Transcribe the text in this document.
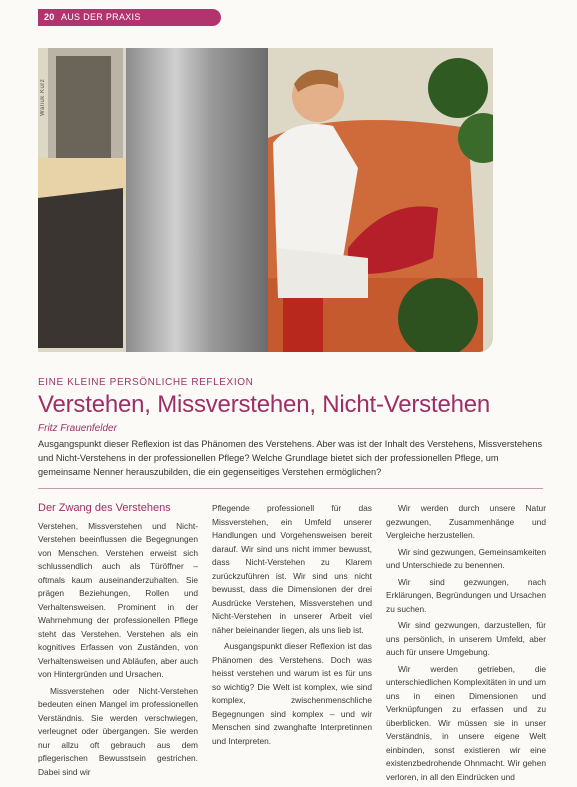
20 AUS DER PRAXIS
Waliuk Kurz
EINE KLEINE PERSÖNLICHE REFLEXION
Verstehen, Missverstehen, Nicht-Verstehen
Fritz Frauenfelder
Ausgangspunkt dieser Reflexion ist das Phänomen des Verstehens. Aber was ist der Inhalt des Verstehens, Missverstehens und Nicht-Verstehens in der professionellen Pflege? Welche Grundlage bietet sich der professionellen Pflege, um gemeinsame Nenner herauszubilden, die ein gegenseitiges Verstehen ermöglichen?
Der Zwang des Verstehens

Verstehen, Missverstehen und Nicht-Verstehen beeinflussen die Begegnungen von Menschen. Verstehen erweist sich schlussendlich auch als Türöffner – oftmals kaum auseinanderzuhalten. Sie prägen Beziehungen, Rollen und Verhaltensweisen. Prominent in der Wahrnehmung der professionellen Pflege steht das Verstehen. Verstehen als ein kognitives Erfassen von Zuständen, von Verhaltensweisen und Abläufen, aber auch von Hintergründen und Ursachen.

Missverstehen oder Nicht-Verstehen bedeuten einen Mangel im professionellen Verständnis. Sie werden verschwiegen, verleugnet oder übergangen. Sie werden nur allzu oft gebrauch aus dem pflegerischen Bewusstsein gestrichen. Dabei sind wir

Pflegende professionell für das Missverstehen, ein Umfeld unserer Handlungen und Vorgehensweisen bereit darauf. Wir sind uns nicht immer bewusst, dass Nicht-Verstehen zu Klarem zurückzuführen ist. Wir sind uns nicht bewusst, dass die Dimensionen der drei Ausdrücke Verstehen, Missverstehen und Nicht-Verstehen in unserer Arbeit viel näher beieinander liegen, als uns lieb ist.

Ausgangspunkt dieser Reflexion ist das Phänomen des Verstehens. Doch was heisst verstehen und warum ist es für uns so wichtig? Die Welt ist komplex, wie sind komplex, zwischenmenschliche Begegnungen sind komplex – und wir Menschen sind zwanghafte Interpretinnen und Interpreten.

Wir werden durch unsere Natur gezwungen, Zusammenhänge und Vergleiche herzustellen.

Wir sind gezwungen, Gemeinsamkeiten und Unterschiede zu benennen.

Wir sind gezwungen, nach Erklärungen, Begründungen und Ursachen zu suchen.

Wir sind gezwungen, darzustellen, für uns persönlich, in unserem Umfeld, aber auch für unsere Umgebung.

Wir werden getrieben, die unterschiedlichen Komplexitäten in und um uns in einen Dimensionen und Verknüpfungen zu erfassen und zu überblicken. Wir müssen sie in unser Verständnis, in unsere eigene Welt einbinden, sonst existieren wir eine existenzbedrohende Ohnmacht. Wir gehen verloren, in all den Eindrücken und
